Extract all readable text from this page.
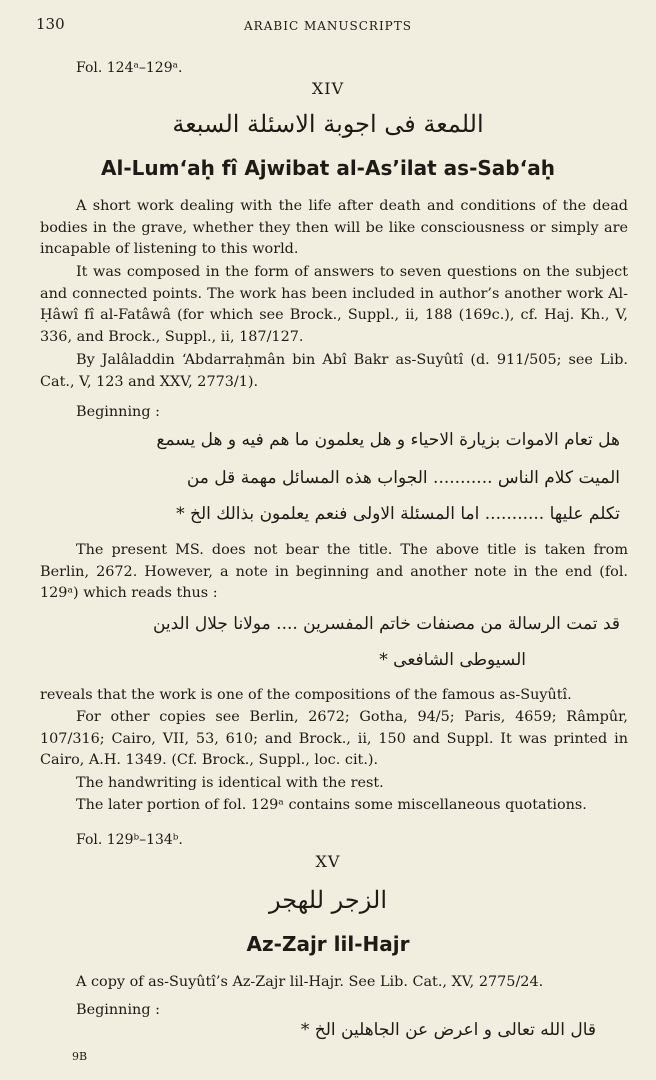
130	ARABIC MANUSCRIPTS
Fol. 124ᵃ–129ᵃ.
XIV
اللمعة فى اجوبة الاسئلة السبعة
Al-Lum‘aḥ fî Ajwibat al-As’ilat as-Sab‘aḥ

A short work dealing with the life after death and conditions of the dead bodies in the grave, whether they then will be like consciousness or simply are incapable of listening to this world.

It was composed in the form of answers to seven questions on the subject and connected points. The work has been included in author’s another work Al-Ḥâwî fî al-Fatâwâ (for which see Brock., Suppl., ii, 188 (169c.), cf. Haj. Kh., V, 336, and Brock., Suppl., ii, 187/127.

By Jalâladdin ‘Abdarraḥmân bin Abî Bakr as-Suyûtî (d. 911/505; see Lib. Cat., V, 123 and XXV, 2773/1).

Beginning :
هل تعام الاموات بزيارة الاحياء و هل يعلمون ما هم فيه و هل يسمع
الميت كلام الناس ........... الجواب هذه المسائل مهمة قل من
تكلم عليها ........... اما المسئلة الاولى فنعم يعلمون بذالك الخ *

The present MS. does not bear the title. The above title is taken from Berlin, 2672. However, a note in beginning and another note in the end (fol. 129ᵃ) which reads thus :

قد تمت الرسالة من مصنفات خاتم المفسرين .... مولانا جلال الدين
السيوطى الشافعى *

reveals that the work is one of the compositions of the famous as-Suyûtî.

For other copies see Berlin, 2672; Gotha, 94/5; Paris, 4659; Râmpûr, 107/316; Cairo, VII, 53, 610; and Brock., ii, 150 and Suppl. It was printed in Cairo, A.H. 1349. (Cf. Brock., Suppl., loc. cit.).

The handwriting is identical with the rest.
The later portion of fol. 129ᵃ contains some miscellaneous quotations.
Fol. 129ᵇ–134ᵇ.
XV
الزجر للهجر
Az-Zajr lil-Hajr
A copy of as-Suyûtî’s Az-Zajr lil-Hajr. See Lib. Cat., XV, 2775/24.
Beginning :
قال الله تعالى و اعرض عن الجاهلين الخ *
9B
